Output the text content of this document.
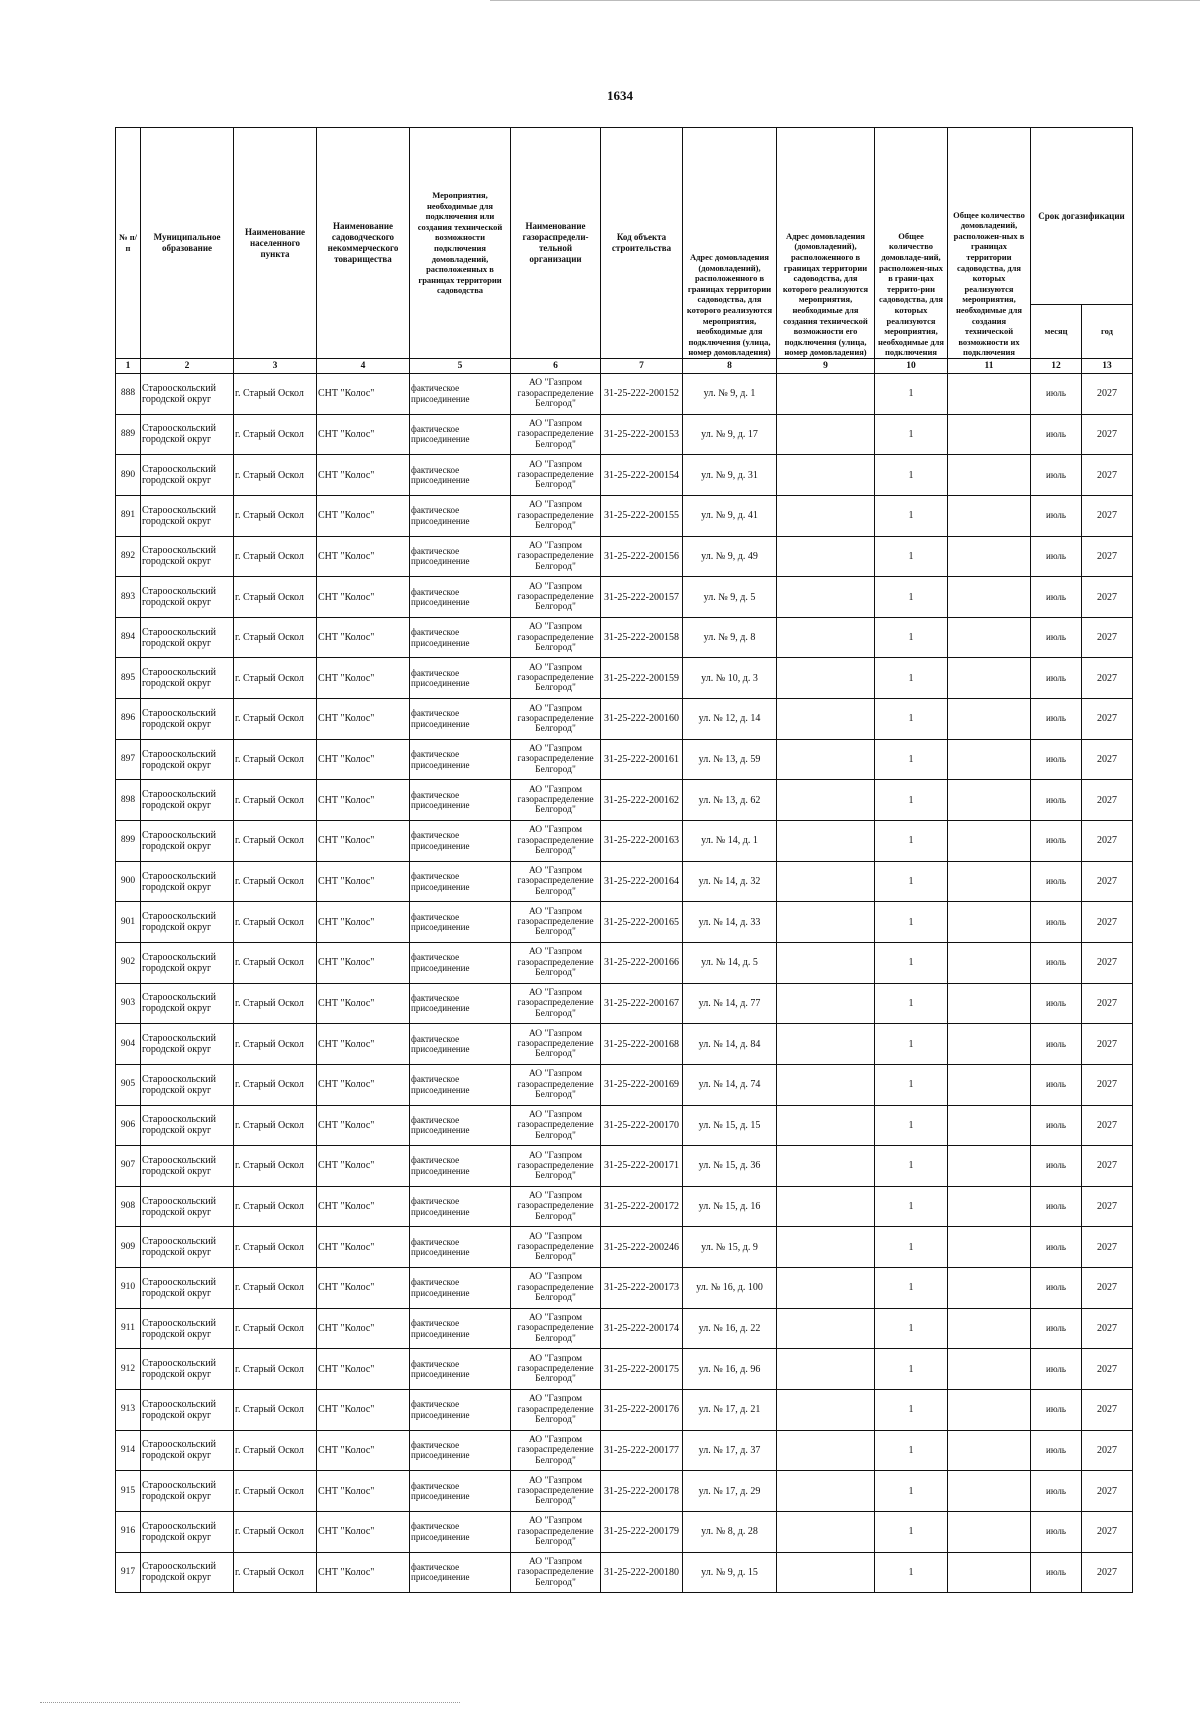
1634
№ п/п	Муниципальное образование	Наименование населенного пункта	Наименование садоводческого некоммерческого товарищества	Мероприятия, необходимые для подключения или создания технической возможности подключения домовладений, расположенных в границах территории садоводства	Наименование газораспредели-тельной организации	Код объекта строительства	Адрес домовладения (домовладений), расположенного в границах территории садоводства, для которого реализуются мероприятия, необходимые для подключения (улица, номер домовладения)	Адрес домовладения (домовладений), расположенного в границах территории садоводства, для которого реализуются мероприятия, необходимые для создания технической возможности его подключения (улица, номер домовладения)	Общее количество домовладе-ний, расположен-ных в грани-цах террито-рии садоводства, для которых реализуются мероприятия, необходимые для подключения	Общее количество домовладений, расположен-ных в границах территории садоводства, для которых реализуются мероприятия, необходимые для создания технической возможности их подключения	Срок догазификации	
											месяц	год
1	2	3	4	5	6	7	8	9	10	11	12	13
888	Старооскольский городской округ	г. Старый Оскол	СНТ "Колос"	фактическое присоединение	АО "Газпром газораспределение Белгород"	31-25-222-200152	ул. № 9, д. 1		1		июль	2027
889	Старооскольский городской округ	г. Старый Оскол	СНТ "Колос"	фактическое присоединение	АО "Газпром газораспределение Белгород"	31-25-222-200153	ул. № 9, д. 17		1		июль	2027
890	Старооскольский городской округ	г. Старый Оскол	СНТ "Колос"	фактическое присоединение	АО "Газпром газораспределение Белгород"	31-25-222-200154	ул. № 9, д. 31		1		июль	2027
891	Старооскольский городской округ	г. Старый Оскол	СНТ "Колос"	фактическое присоединение	АО "Газпром газораспределение Белгород"	31-25-222-200155	ул. № 9, д. 41		1		июль	2027
892	Старооскольский городской округ	г. Старый Оскол	СНТ "Колос"	фактическое присоединение	АО "Газпром газораспределение Белгород"	31-25-222-200156	ул. № 9, д. 49		1		июль	2027
893	Старооскольский городской округ	г. Старый Оскол	СНТ "Колос"	фактическое присоединение	АО "Газпром газораспределение Белгород"	31-25-222-200157	ул. № 9, д. 5		1		июль	2027
894	Старооскольский городской округ	г. Старый Оскол	СНТ "Колос"	фактическое присоединение	АО "Газпром газораспределение Белгород"	31-25-222-200158	ул. № 9, д. 8		1		июль	2027
895	Старооскольский городской округ	г. Старый Оскол	СНТ "Колос"	фактическое присоединение	АО "Газпром газораспределение Белгород"	31-25-222-200159	ул. № 10, д. 3		1		июль	2027
896	Старооскольский городской округ	г. Старый Оскол	СНТ "Колос"	фактическое присоединение	АО "Газпром газораспределение Белгород"	31-25-222-200160	ул. № 12, д. 14		1		июль	2027
897	Старооскольский городской округ	г. Старый Оскол	СНТ "Колос"	фактическое присоединение	АО "Газпром газораспределение Белгород"	31-25-222-200161	ул. № 13, д. 59		1		июль	2027
898	Старооскольский городской округ	г. Старый Оскол	СНТ "Колос"	фактическое присоединение	АО "Газпром газораспределение Белгород"	31-25-222-200162	ул. № 13, д. 62		1		июль	2027
899	Старооскольский городской округ	г. Старый Оскол	СНТ "Колос"	фактическое присоединение	АО "Газпром газораспределение Белгород"	31-25-222-200163	ул. № 14, д. 1		1		июль	2027
900	Старооскольский городской округ	г. Старый Оскол	СНТ "Колос"	фактическое присоединение	АО "Газпром газораспределение Белгород"	31-25-222-200164	ул. № 14, д. 32		1		июль	2027
901	Старооскольский городской округ	г. Старый Оскол	СНТ "Колос"	фактическое присоединение	АО "Газпром газораспределение Белгород"	31-25-222-200165	ул. № 14, д. 33		1		июль	2027
902	Старооскольский городской округ	г. Старый Оскол	СНТ "Колос"	фактическое присоединение	АО "Газпром газораспределение Белгород"	31-25-222-200166	ул. № 14, д. 5		1		июль	2027
903	Старооскольский городской округ	г. Старый Оскол	СНТ "Колос"	фактическое присоединение	АО "Газпром газораспределение Белгород"	31-25-222-200167	ул. № 14, д. 77		1		июль	2027
904	Старооскольский городской округ	г. Старый Оскол	СНТ "Колос"	фактическое присоединение	АО "Газпром газораспределение Белгород"	31-25-222-200168	ул. № 14, д. 84		1		июль	2027
905	Старооскольский городской округ	г. Старый Оскол	СНТ "Колос"	фактическое присоединение	АО "Газпром газораспределение Белгород"	31-25-222-200169	ул. № 14, д. 74		1		июль	2027
906	Старооскольский городской округ	г. Старый Оскол	СНТ "Колос"	фактическое присоединение	АО "Газпром газораспределение Белгород"	31-25-222-200170	ул. № 15, д. 15		1		июль	2027
907	Старооскольский городской округ	г. Старый Оскол	СНТ "Колос"	фактическое присоединение	АО "Газпром газораспределение Белгород"	31-25-222-200171	ул. № 15, д. 36		1		июль	2027
908	Старооскольский городской округ	г. Старый Оскол	СНТ "Колос"	фактическое присоединение	АО "Газпром газораспределение Белгород"	31-25-222-200172	ул. № 15, д. 16		1		июль	2027
909	Старооскольский городской округ	г. Старый Оскол	СНТ "Колос"	фактическое присоединение	АО "Газпром газораспределение Белгород"	31-25-222-200246	ул. № 15, д. 9		1		июль	2027
910	Старооскольский городской округ	г. Старый Оскол	СНТ "Колос"	фактическое присоединение	АО "Газпром газораспределение Белгород"	31-25-222-200173	ул. № 16, д. 100		1		июль	2027
911	Старооскольский городской округ	г. Старый Оскол	СНТ "Колос"	фактическое присоединение	АО "Газпром газораспределение Белгород"	31-25-222-200174	ул. № 16, д. 22		1		июль	2027
912	Старооскольский городской округ	г. Старый Оскол	СНТ "Колос"	фактическое присоединение	АО "Газпром газораспределение Белгород"	31-25-222-200175	ул. № 16, д. 96		1		июль	2027
913	Старооскольский городской округ	г. Старый Оскол	СНТ "Колос"	фактическое присоединение	АО "Газпром газораспределение Белгород"	31-25-222-200176	ул. № 17, д. 21		1		июль	2027
914	Старооскольский городской округ	г. Старый Оскол	СНТ "Колос"	фактическое присоединение	АО "Газпром газораспределение Белгород"	31-25-222-200177	ул. № 17, д. 37		1		июль	2027
915	Старооскольский городской округ	г. Старый Оскол	СНТ "Колос"	фактическое присоединение	АО "Газпром газораспределение Белгород"	31-25-222-200178	ул. № 17, д. 29		1		июль	2027
916	Старооскольский городской округ	г. Старый Оскол	СНТ "Колос"	фактическое присоединение	АО "Газпром газораспределение Белгород"	31-25-222-200179	ул. № 8, д. 28		1		июль	2027
917	Старооскольский городской округ	г. Старый Оскол	СНТ "Колос"	фактическое присоединение	АО "Газпром газораспределение Белгород"	31-25-222-200180	ул. № 9, д. 15		1		июль	2027
